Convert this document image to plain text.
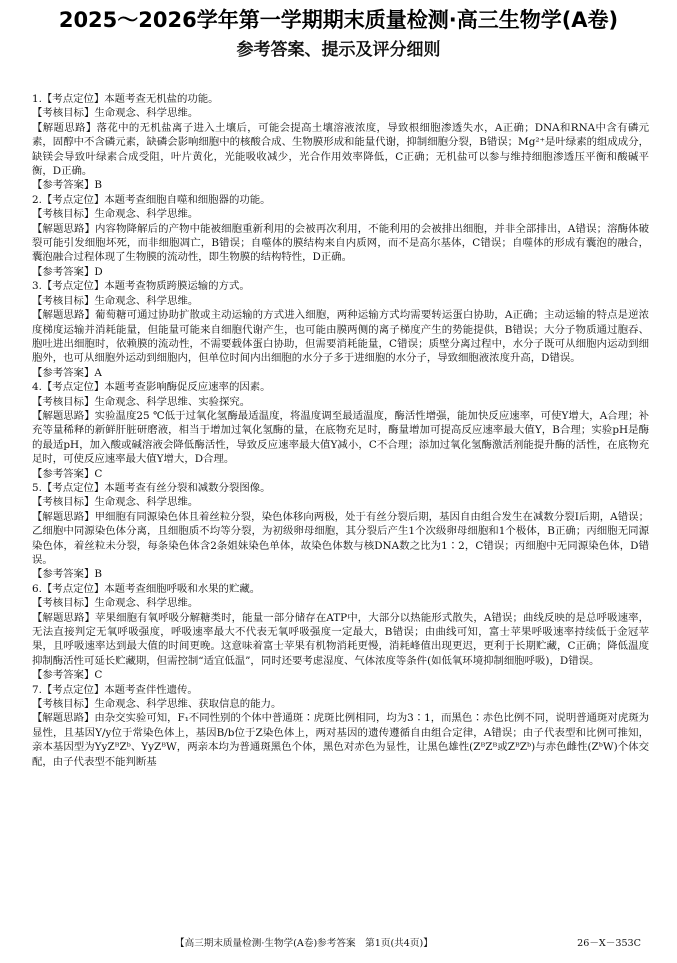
2025～2026学年第一学期期末质量检测·高三生物学(A卷)
参考答案、提示及评分细则

1.【考点定位】本题考查无机盐的功能。

【考核目标】生命观念、科学思维。

【解题思路】落花中的无机盐离子进入土壤后，可能会提高土壤溶液浓度，导致根细胞渗透失水，A正确；DNA和RNA中含有磷元素，固醇中不含磷元素，缺磷会影响细胞中的核酸合成、生物膜形成和能量代谢，抑制细胞分裂，B错误；Mg²⁺是叶绿素的组成成分，缺镁会导致叶绿素合成受阻，叶片黄化，光能吸收减少，光合作用效率降低，C正确；无机盐可以参与维持细胞渗透压平衡和酸碱平衡，D正确。

【参考答案】B

2.【考点定位】本题考查细胞自噬和细胞器的功能。

【考核目标】生命观念、科学思维。

【解题思路】内容物降解后的产物中能被细胞重新利用的会被再次利用，不能利用的会被排出细胞，并非全部排出，A错误；溶酶体破裂可能引发细胞坏死，而非细胞凋亡，B错误；自噬体的膜结构来自内质网，而不是高尔基体，C错误；自噬体的形成有囊泡的融合，囊泡融合过程体现了生物膜的流动性，即生物膜的结构特性，D正确。

【参考答案】D

3.【考点定位】本题考查物质跨膜运输的方式。

【考核目标】生命观念、科学思维。

【解题思路】葡萄糖可通过协助扩散或主动运输的方式进入细胞，两种运输方式均需要转运蛋白协助，A正确；主动运输的特点是逆浓度梯度运输并消耗能量，但能量可能来自细胞代谢产生，也可能由膜两侧的离子梯度产生的势能提供，B错误；大分子物质通过胞吞、胞吐进出细胞时，依赖膜的流动性，不需要载体蛋白协助，但需要消耗能量，C错误；质壁分离过程中，水分子既可从细胞内运动到细胞外，也可从细胞外运动到细胞内，但单位时间内出细胞的水分子多于进细胞的水分子，导致细胞液浓度升高，D错误。

【参考答案】A

4.【考点定位】本题考查影响酶促反应速率的因素。

【考核目标】生命观念、科学思维、实验探究。

【解题思路】实验温度25 ℃低于过氧化氢酶最适温度，将温度调至最适温度，酶活性增强，能加快反应速率，可使Y增大，A合理；补充等量稀释的新鲜肝脏研磨液，相当于增加过氧化氢酶的量，在底物充足时，酶量增加可提高反应速率最大值Y，B合理；实验pH是酶的最适pH，加入酸或碱溶液会降低酶活性，导致反应速率最大值Y减小，C不合理；添加过氧化氢酶激活剂能提升酶的活性，在底物充足时，可使反应速率最大值Y增大，D合理。

【参考答案】C

5.【考点定位】本题考查有丝分裂和减数分裂图像。

【考核目标】生命观念、科学思维。

【解题思路】甲细胞有同源染色体且着丝粒分裂，染色体移向两极，处于有丝分裂后期，基因自由组合发生在减数分裂Ⅰ后期，A错误；乙细胞中同源染色体分离，且细胞质不均等分裂，为初级卵母细胞，其分裂后产生1个次级卵母细胞和1个极体，B正确；丙细胞无同源染色体，着丝粒未分裂，每条染色体含2条姐妹染色单体，故染色体数与核DNA数之比为1∶2，C错误；丙细胞中无同源染色体，D错误。

【参考答案】B

6.【考点定位】本题考查细胞呼吸和水果的贮藏。

【考核目标】生命观念、科学思维。

【解题思路】苹果细胞有氧呼吸分解糖类时，能量一部分储存在ATP中，大部分以热能形式散失，A错误；曲线反映的是总呼吸速率，无法直接判定无氧呼吸强度，呼吸速率最大不代表无氧呼吸强度一定最大，B错误；由曲线可知，富士苹果呼吸速率持续低于金冠苹果，且呼吸速率达到最大值的时间更晚。这意味着富士苹果有机物消耗更慢，消耗峰值出现更迟，更利于长期贮藏，C正确；降低温度抑制酶活性可延长贮藏期，但需控制“适宜低温”，同时还要考虑湿度、气体浓度等条件(如低氧环境抑制细胞呼吸)，D错误。

【参考答案】C

7.【考点定位】本题考查伴性遗传。

【考核目标】生命观念、科学思维、获取信息的能力。

【解题思路】由杂交实验可知，F₁不同性别的个体中普通斑∶虎斑比例相同，均为3∶1，而黑色∶赤色比例不同，说明普通斑对虎斑为显性，且基因Y/y位于常染色体上，基因B/b位于Z染色体上，两对基因的遗传遵循自由组合定律，A错误；由子代表型和比例可推知，亲本基因型为YyZᴮZᵇ、YyZᴮW，两亲本均为普通斑黑色个体，黑色对赤色为显性，让黑色雄性(ZᴮZᴮ或ZᴮZᵇ)与赤色雌性(ZᵇW)个体交配，由子代表型不能判断基

【高三期末质量检测·生物学(A卷)参考答案　第1页(共4页)】	26－X－353C
